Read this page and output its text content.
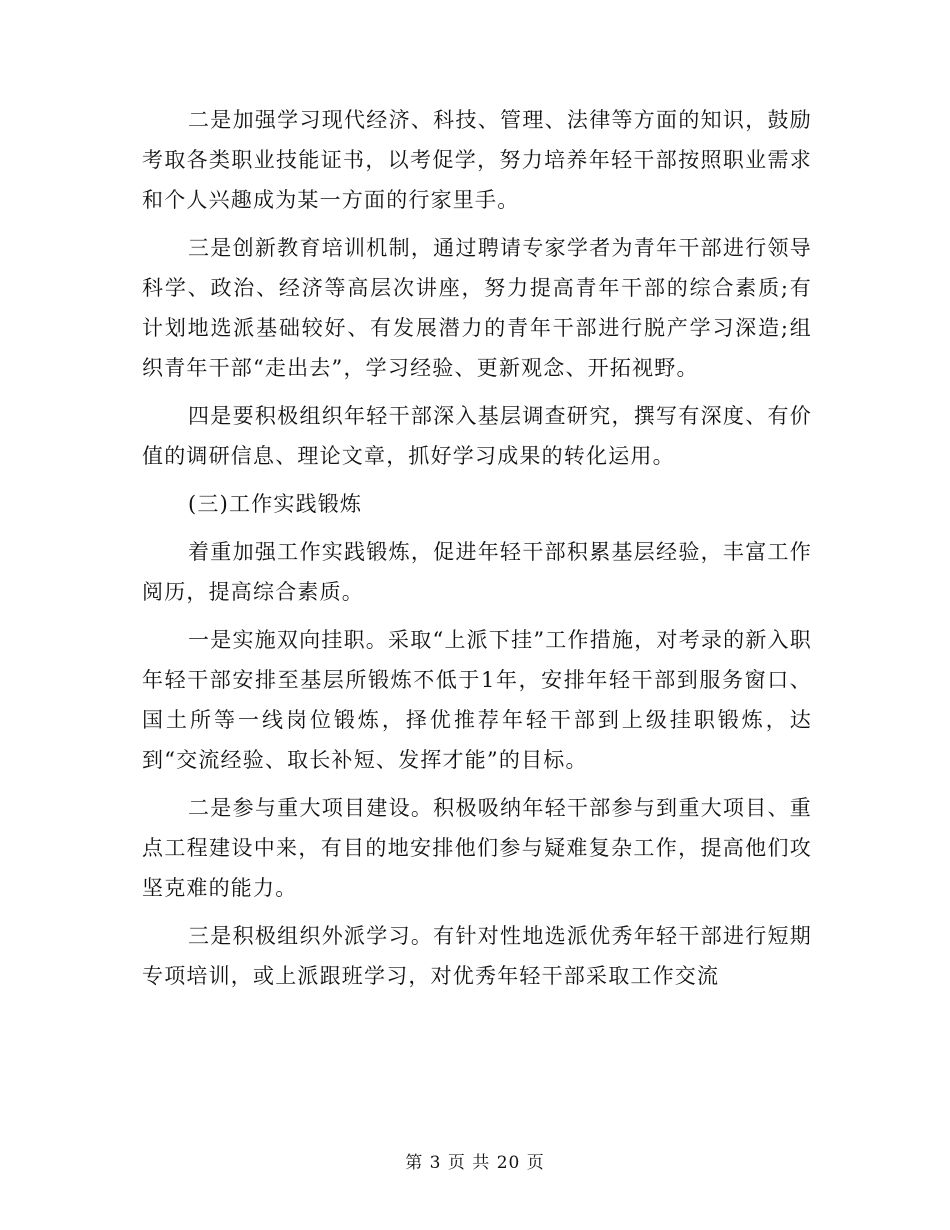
二是加强学习现代经济、科技、管理、法律等方面的知识，鼓励考取各类职业技能证书，以考促学，努力培养年轻干部按照职业需求和个人兴趣成为某一方面的行家里手。

三是创新教育培训机制，通过聘请专家学者为青年干部进行领导科学、政治、经济等高层次讲座，努力提高青年干部的综合素质;有计划地选派基础较好、有发展潜力的青年干部进行脱产学习深造;组织青年干部“走出去”，学习经验、更新观念、开拓视野。

四是要积极组织年轻干部深入基层调查研究，撰写有深度、有价值的调研信息、理论文章，抓好学习成果的转化运用。

(三)工作实践锻炼

着重加强工作实践锻炼，促进年轻干部积累基层经验，丰富工作阅历，提高综合素质。

一是实施双向挂职。采取“上派下挂”工作措施，对考录的新入职年轻干部安排至基层所锻炼不低于1年，安排年轻干部到服务窗口、国土所等一线岗位锻炼，择优推荐年轻干部到上级挂职锻炼，达到“交流经验、取长补短、发挥才能”的目标。

二是参与重大项目建设。积极吸纳年轻干部参与到重大项目、重点工程建设中来，有目的地安排他们参与疑难复杂工作，提高他们攻坚克难的能力。

三是积极组织外派学习。有针对性地选派优秀年轻干部进行短期专项培训，或上派跟班学习，对优秀年轻干部采取工作交流

第 3 页 共 20 页
